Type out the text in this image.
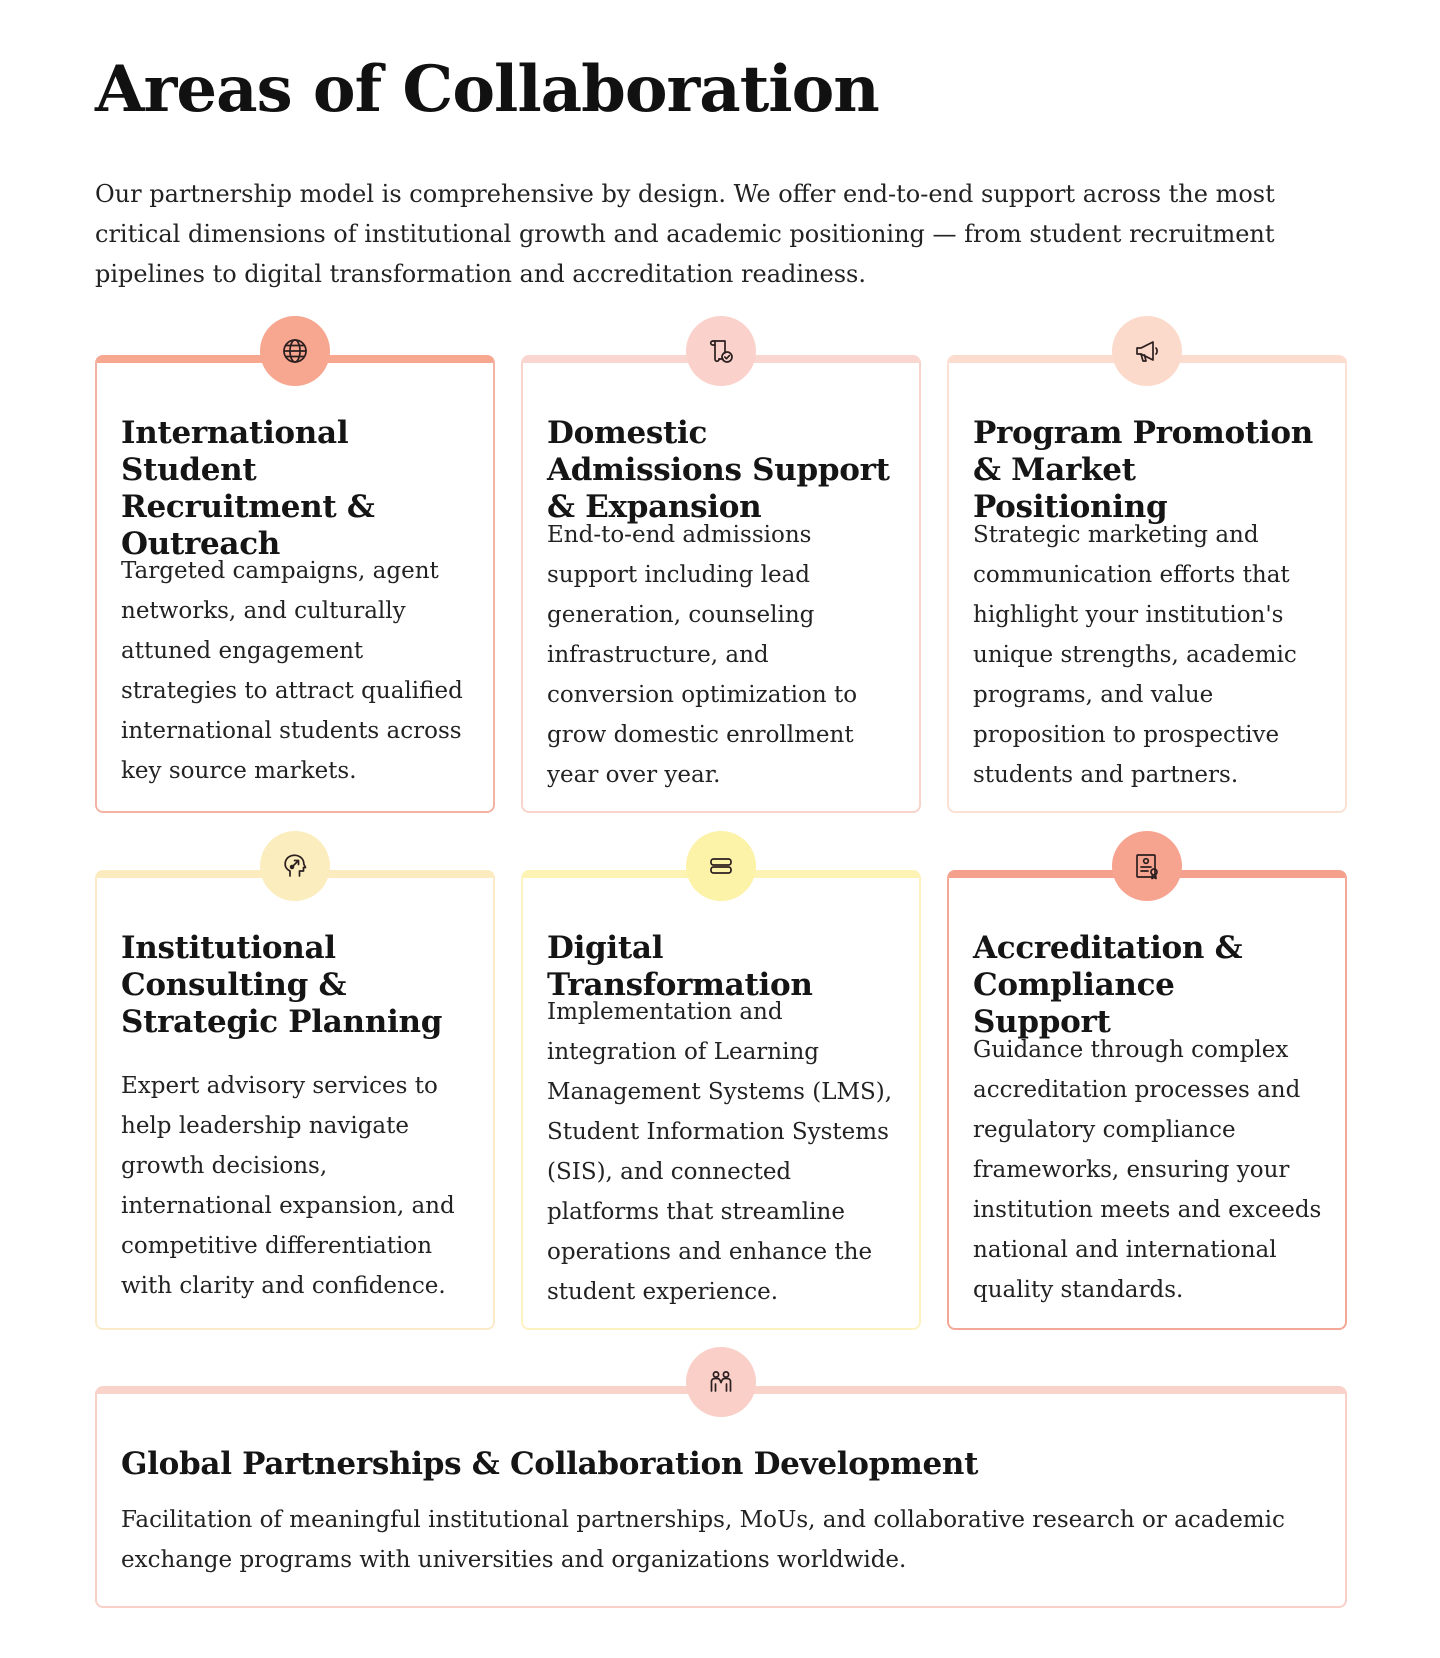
Areas of Collaboration

Our partnership model is comprehensive by design. We offer end-to-end support across the most critical dimensions of institutional growth and academic positioning — from student recruitment pipelines to digital transformation and accreditation readiness.

International Student Recruitment & Outreach

Targeted campaigns, agent networks, and culturally attuned engagement strategies to attract qualified international students across key source markets.

Domestic Admissions Support & Expansion

End-to-end admissions support including lead generation, counseling infrastructure, and conversion optimization to grow domestic enrollment year over year.

Program Promotion & Market Positioning

Strategic marketing and communication efforts that highlight your institution's unique strengths, academic programs, and value proposition to prospective students and partners.

Institutional Consulting & Strategic Planning

Expert advisory services to help leadership navigate growth decisions, international expansion, and competitive differentiation with clarity and confidence.

Digital Transformation

Implementation and integration of Learning Management Systems (LMS), Student Information Systems (SIS), and connected platforms that streamline operations and enhance the student experience.

Accreditation & Compliance Support

Guidance through complex accreditation processes and regulatory compliance frameworks, ensuring your institution meets and exceeds national and international quality standards.

Global Partnerships & Collaboration Development

Facilitation of meaningful institutional partnerships, MoUs, and collaborative research or academic exchange programs with universities and organizations worldwide.
